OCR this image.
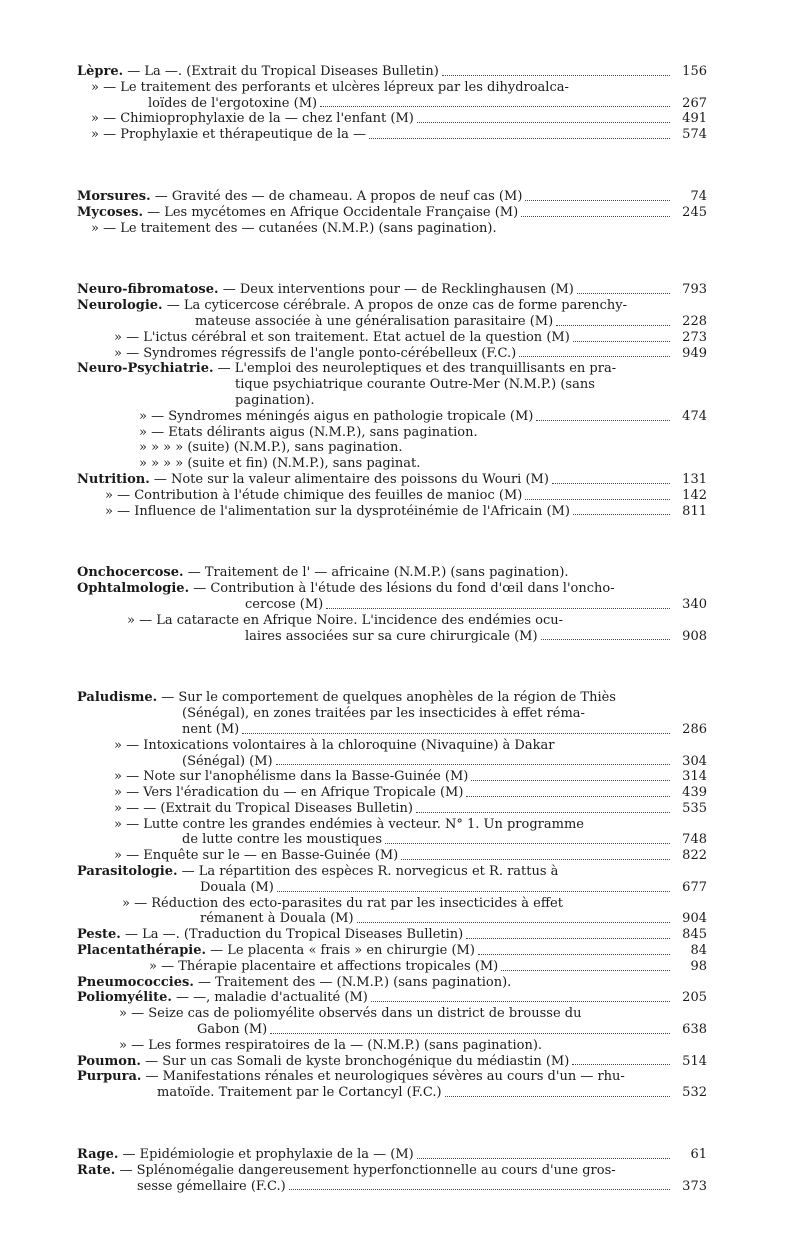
Lèpre. — La —. (Extrait du Tropical Diseases Bulletin)	156
» — Le traitement des perforants et ulcères lépreux par les dihydroalca-
loïdes de l'ergotoxine (M)	267
» — Chimioprophylaxie de la — chez l'enfant (M)	491
» — Prophylaxie et thérapeutique de la —	574
Morsures. — Gravité des — de chameau. A propos de neuf cas (M)	74
Mycoses. — Les mycétomes en Afrique Occidentale Française (M)	245
» — Le traitement des — cutanées (N.M.P.) (sans pagination).
Neuro-fibromatose. — Deux interventions pour — de Recklinghausen (M)	793
Neurologie. — La cyticercose cérébrale. A propos de onze cas de forme parenchy-
mateuse associée à une généralisation parasitaire (M)	228
» — L'ictus cérébral et son traitement. Etat actuel de la question (M)	273
» — Syndromes régressifs de l'angle ponto-cérébelleux (F.C.)	949
Neuro-Psychiatrie. — L'emploi des neuroleptiques et des tranquillisants en pra-
tique psychiatrique courante Outre-Mer (N.M.P.) (sans
pagination).
» — Syndromes méningés aigus en pathologie tropicale (M)	474
» — Etats délirants aigus (N.M.P.), sans pagination.
» » » » (suite) (N.M.P.), sans pagination.
» » » » (suite et fin) (N.M.P.), sans paginat.
Nutrition. — Note sur la valeur alimentaire des poissons du Wouri (M)	131
» — Contribution à l'étude chimique des feuilles de manioc (M)	142
» — Influence de l'alimentation sur la dysprotéinémie de l'Africain (M)	811
Onchocercose. — Traitement de l' — africaine (N.M.P.) (sans pagination).
Ophtalmologie. — Contribution à l'étude des lésions du fond d'œil dans l'oncho-
cercose (M)	340
» — La cataracte en Afrique Noire. L'incidence des endémies ocu-
laires associées sur sa cure chirurgicale (M)	908
Paludisme. — Sur le comportement de quelques anophèles de la région de Thiès
(Sénégal), en zones traitées par les insecticides à effet réma-
nent (M)	286
» — Intoxications volontaires à la chloroquine (Nivaquine) à Dakar
(Sénégal) (M)	304
» — Note sur l'anophélisme dans la Basse-Guinée (M)	314
» — Vers l'éradication du — en Afrique Tropicale (M)	439
» — — (Extrait du Tropical Diseases Bulletin)	535
» — Lutte contre les grandes endémies à vecteur. N° 1. Un programme
de lutte contre les moustiques	748
» — Enquête sur le — en Basse-Guinée (M)	822
Parasitologie. — La répartition des espèces R. norvegicus et R. rattus à
Douala (M)	677
» — Réduction des ecto-parasites du rat par les insecticides à effet
rémanent à Douala (M)	904
Peste. — La —. (Traduction du Tropical Diseases Bulletin)	845
Placentathérapie. — Le placenta « frais » en chirurgie (M)	84
» — Thérapie placentaire et affections tropicales (M)	98
Pneumococcies. — Traitement des — (N.M.P.) (sans pagination).
Poliomyélite. — —, maladie d'actualité (M)	205
» — Seize cas de poliomyélite observés dans un district de brousse du
Gabon (M)	638
» — Les formes respiratoires de la — (N.M.P.) (sans pagination).
Poumon. — Sur un cas Somali de kyste bronchogénique du médiastin (M)	514
Purpura. — Manifestations rénales et neurologiques sévères au cours d'un — rhu-
matoïde. Traitement par le Cortancyl (F.C.)	532
Rage. — Epidémiologie et prophylaxie de la — (M)	61
Rate. — Splénomégalie dangereusement hyperfonctionnelle au cours d'une gros-
sesse gémellaire (F.C.)	373
